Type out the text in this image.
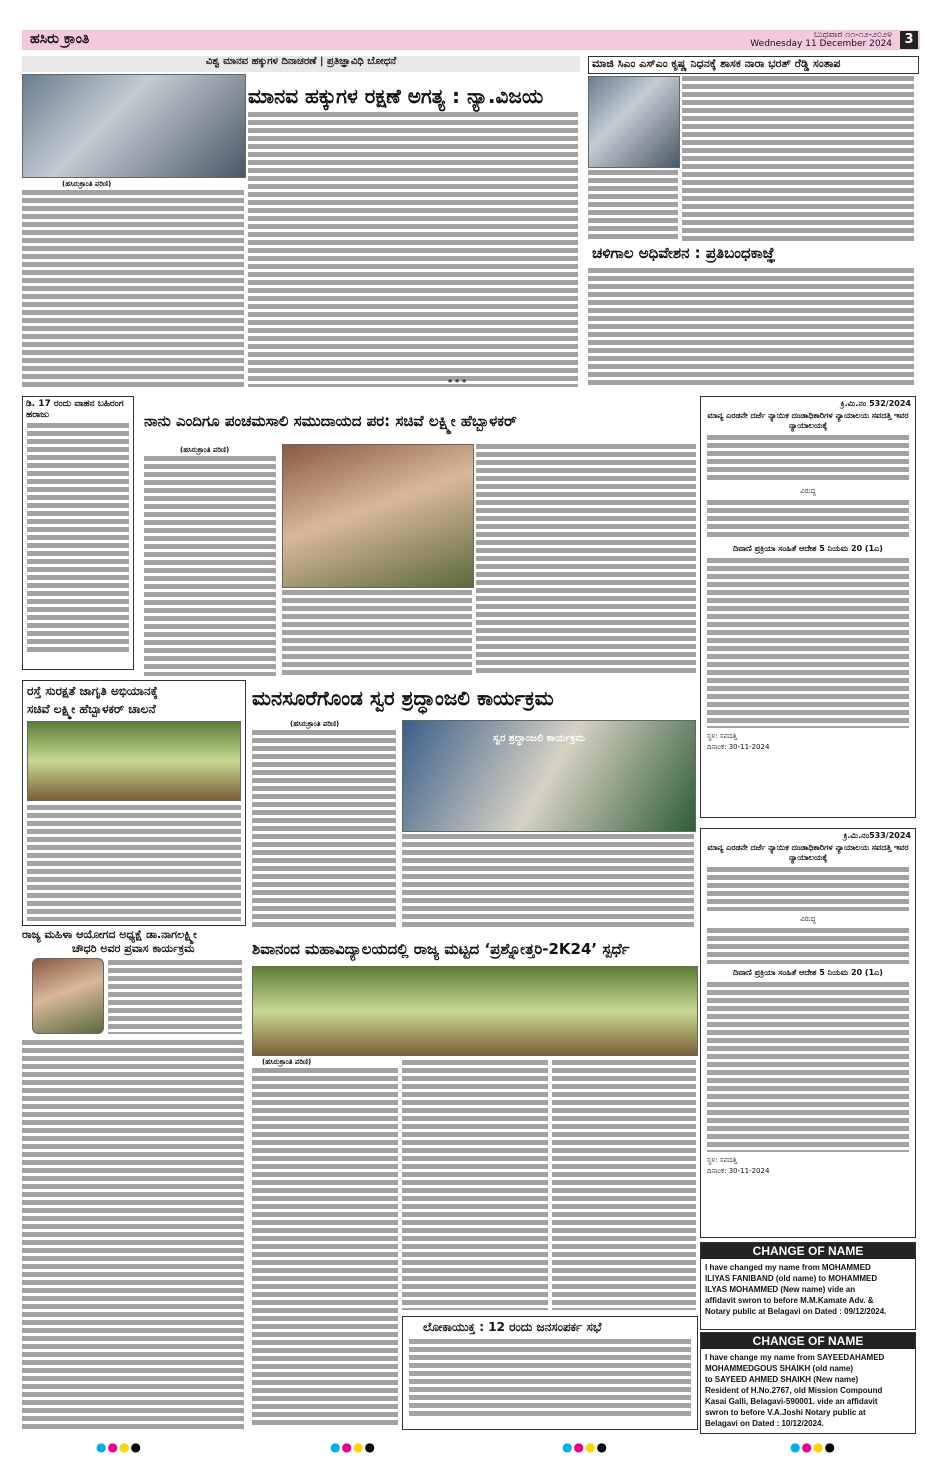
ಹಸಿರು ಕ್ರಾಂತಿ	ಬುಧವಾರ ೧೧-೧೨-೨೦೨೪
Wednesday 11 December 2024 3
ವಿಶ್ವ ಮಾನವ ಹಕ್ಕುಗಳ ದಿನಾಚರಣೆ | ಪ್ರತಿಜ್ಞಾವಿಧಿ ಬೋಧನೆ	ಮಾಜಿ ಸಿಎಂ ಎಸ್‌ಎಂ ಕೃಷ್ಣ ನಿಧನಕ್ಕೆ ಶಾಸಕ ನಾರಾ ಭರತ್ ರೆಡ್ಡಿ ಸಂತಾಪ
(ಹಸಿರುಕ್ರಾಂತಿ ಪರಿಣಿ)
ಮಾನವ ಹಕ್ಕುಗಳ ರಕ್ಷಣೆ ಅಗತ್ಯ : ನ್ಯಾ.ವಿಜಯ
* * *
ಚಳಿಗಾಲ ಅಧಿವೇಶನ : ಪ್ರತಿಬಂಧಕಾಜ್ಞೆ
ಡಿ. 17 ರಂದು ವಾಹನ ಬಹಿರಂಗ ಹರಾಜು	ನಾನು ಎಂದಿಗೂ ಪಂಚಮಸಾಲಿ ಸಮುದಾಯದ ಪರ: ಸಚಿವೆ ಲಕ್ಷ್ಮೀ ಹೆಬ್ಬಾಳಕರ್
(ಹಸಿರುಕ್ರಾಂತಿ ಪರಿಣಿ)
ಕ್ರಿ.ಮಿ.ನಂ 532/2024
ಮಾನ್ಯ ಎರಡನೇ ದರ್ಜೆ ನ್ಯಾಯಿಕ ದಂಡಾಧಿಕಾರಿಗಳ ನ್ಯಾಯಾಲಯ ಸವದತ್ತಿ ಇವರ ನ್ಯಾಯಾಲಯಕ್ಕೆ
ವಿರುದ್ಧ
ದಿವಾಣಿ ಪ್ರಕ್ರಿಯಾ ಸಂಹಿತೆ ಆದೇಶ 5 ನಿಯಮ 20 (1ಎ)
ಸ್ಥಳ: ಸವದತ್ತಿ
ದಿನಾಂಕ: 30-11-2024
ರಸ್ತೆ ಸುರಕ್ಷತೆ ಜಾಗೃತಿ ಅಭಿಯಾನಕ್ಕೆ
ಸಚಿವೆ ಲಕ್ಷ್ಮೀ ಹೆಬ್ಬಾಳಕರ್ ಚಾಲನೆ	ಮನಸೂರೆಗೊಂಡ ಸ್ವರ ಶ್ರದ್ಧಾಂಜಲಿ ಕಾರ್ಯಕ್ರಮ
(ಹಸಿರುಕ್ರಾಂತಿ ಪರಿಣಿ)
ಸ್ವರ ಶ್ರದ್ಧಾಂಜಲಿ ಕಾರ್ಯಕ್ರಮ
ರಾಜ್ಯ ಮಹಿಳಾ ಆಯೋಗದ ಅಧ್ಯಕ್ಷೆ ಡಾ.ನಾಗಲಕ್ಷ್ಮೀ
ಚೌಧರಿ ಅವರ ಪ್ರವಾಸ ಕಾರ್ಯಕ್ರಮ	ಶಿವಾನಂದ ಮಹಾವಿದ್ಯಾಲಯದಲ್ಲಿ ರಾಜ್ಯ ಮಟ್ಟದ ‘ಪ್ರಶ್ನೋತ್ತರಿ-2K24’ ಸ್ಪರ್ಧೆ
(ಹಸಿರುಕ್ರಾಂತಿ ಪರಿಣಿ)
ಲೋಕಾಯುಕ್ತ : 12 ರಂದು ಜನಸಂಪರ್ಕ ಸಭೆ
ಕ್ರಿ.ಮಿ.ನಂ533/2024
ಮಾನ್ಯ ಎರಡನೇ ದರ್ಜೆ ನ್ಯಾಯಿಕ ದಂಡಾಧಿಕಾರಿಗಳ ನ್ಯಾಯಾಲಯ ಸವದತ್ತಿ ಇವರ ನ್ಯಾಯಾಲಯಕ್ಕೆ
ವಿರುದ್ಧ
ದಿವಾಣಿ ಪ್ರಕ್ರಿಯಾ ಸಂಹಿತೆ ಆದೇಶ 5 ನಿಯಮ 20 (1ಎ)
ಸ್ಥಳ: ಸವದತ್ತಿ
ದಿನಾಂಕ: 30-11-2024
CHANGE OF NAME

I have changed my name from MOHAMMED

ILIYAS FANIBAND (old name) to MOHAMMED

ILYAS MOHAMMED (New name) vide an

affidavit swron to before M.M.Kamate Adv. &

Notary public at Belagavi on Dated : 09/12/2024.

CHANGE OF NAME

I have change my name from SAYEEDAHAMED

MOHAMMEDGOUS SHAIKH (old name)

to SAYEED AHMED SHAIKH (New name)

Resident of H.No.2767, old Mission Compound

Kasai Galli, Belagavi-590001. vide an affidavit

swron to before V.A.Joshi Notary public at

Belagavi on Dated : 10/12/2024.

●●●●	●●●●	●●●●	●●●●
